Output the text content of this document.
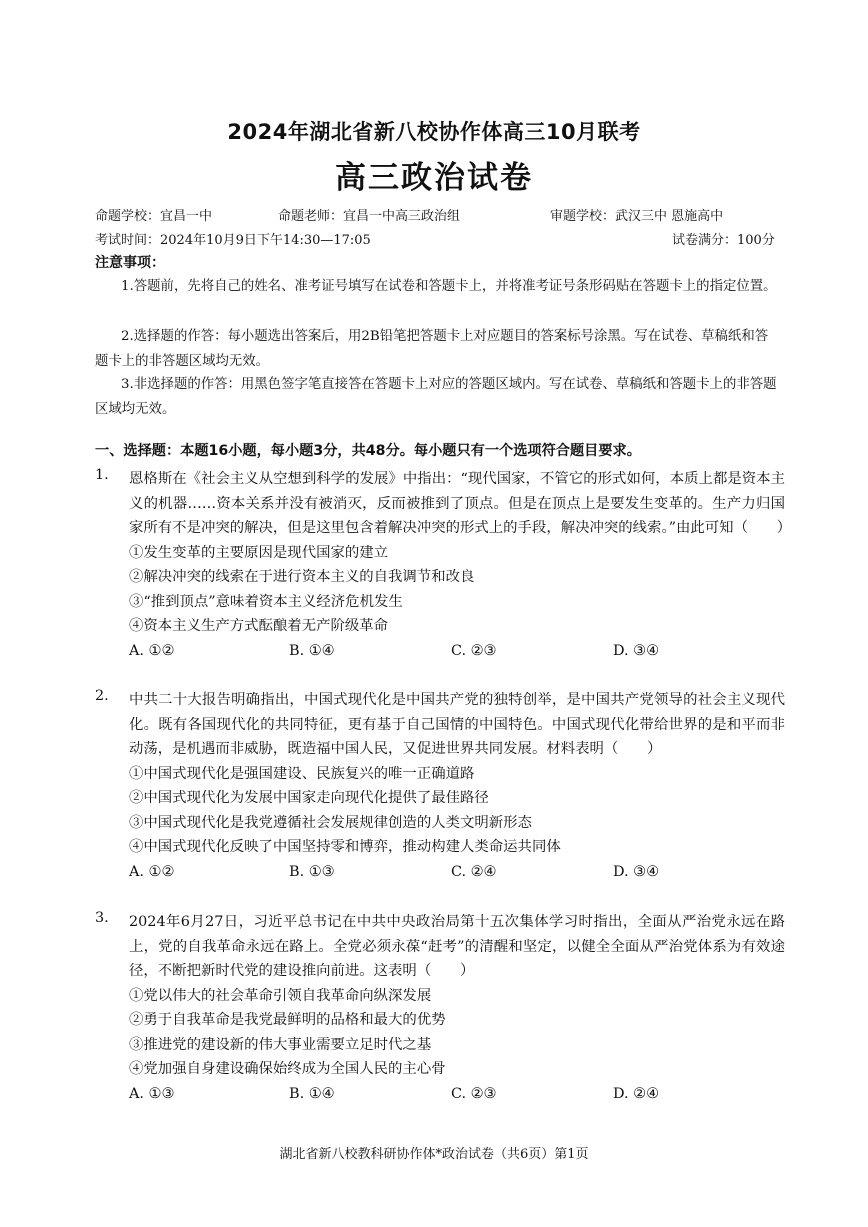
2024年湖北省新八校协作体高三10月联考
高三政治试卷
命题学校：宜昌一中	命题老师：宜昌一中高三政治组	审题学校：武汉三中 恩施高中
考试时间：2024年10月9日下午14:30—17:05	试卷满分：100分
注意事项：
1.答题前，先将自己的姓名、准考证号填写在试卷和答题卡上，并将准考证号条形码贴在答题卡上的指定位置。
2.选择题的作答：每小题选出答案后，用2B铅笔把答题卡上对应题目的答案标号涂黑。写在试卷、草稿纸和答题卡上的非答题区域均无效。
3.非选择题的作答：用黑色签字笔直接答在答题卡上对应的答题区域内。写在试卷、草稿纸和答题卡上的非答题区域均无效。
一、选择题：本题16小题，每小题3分，共48分。每小题只有一个选项符合题目要求。
1. 恩格斯在《社会主义从空想到科学的发展》中指出：“现代国家，不管它的形式如何，本质上都是资本主义的机器……资本关系并没有被消灭，反而被推到了顶点。但是在顶点上是要发生变革的。生产力归国家所有不是冲突的解决，但是这里包含着解决冲突的形式上的手段，解决冲突的线索。”由此可知（　　）
①发生变革的主要原因是现代国家的建立
②解决冲突的线索在于进行资本主义的自我调节和改良
③“推到顶点”意味着资本主义经济危机发生
④资本主义生产方式酝酿着无产阶级革命
A. ①②	B. ①④	C. ②③	D. ③④
2. 中共二十大报告明确指出，中国式现代化是中国共产党的独特创举，是中国共产党领导的社会主义现代化。既有各国现代化的共同特征，更有基于自己国情的中国特色。中国式现代化带给世界的是和平而非动荡，是机遇而非威胁，既造福中国人民，又促进世界共同发展。材料表明（　　）
①中国式现代化是强国建设、民族复兴的唯一正确道路
②中国式现代化为发展中国家走向现代化提供了最佳路径
③中国式现代化是我党遵循社会发展规律创造的人类文明新形态
④中国式现代化反映了中国坚持零和博弈，推动构建人类命运共同体
A. ①②	B. ①③	C. ②④	D. ③④
3. 2024年6月27日，习近平总书记在中共中央政治局第十五次集体学习时指出，全面从严治党永远在路上，党的自我革命永远在路上。全党必须永葆“赶考”的清醒和坚定，以健全全面从严治党体系为有效途径，不断把新时代党的建设推向前进。这表明（　　）
①党以伟大的社会革命引领自我革命向纵深发展
②勇于自我革命是我党最鲜明的品格和最大的优势
③推进党的建设新的伟大事业需要立足时代之基
④党加强自身建设确保始终成为全国人民的主心骨
A. ①③	B. ①④	C. ②③	D. ②④
湖北省新八校教科研协作体*政治试卷（共6页）第1页
